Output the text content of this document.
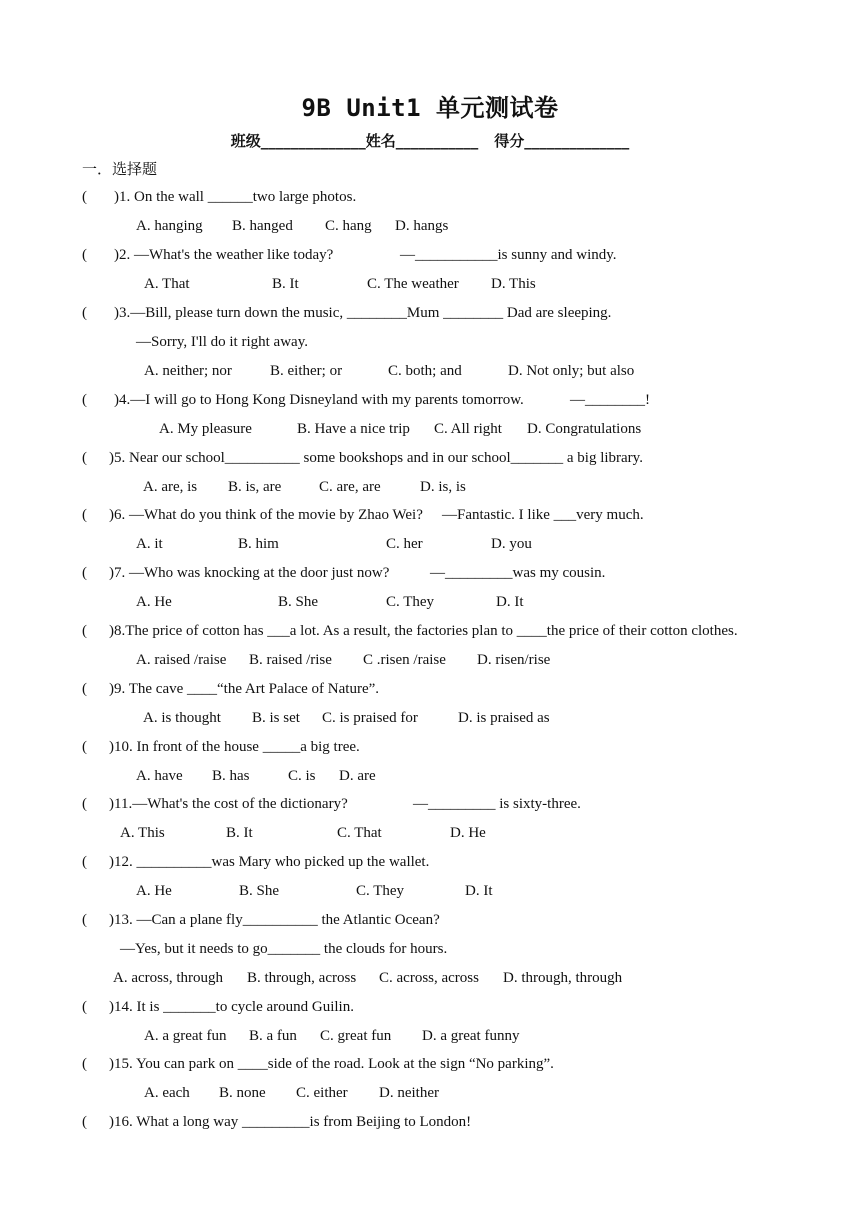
9B Unit1 单元测试卷
班级______________姓名___________ 得分______________
一．选择题
( )1. On the wall ______two large photos.
A. hanging B. hanged C. hang D. hangs
( )2. —What's the weather like today?	—___________is sunny and windy.
A. That	B. It	C. The weather D. This
( )3.—Bill, please turn down the music, ________Mum ________ Dad are sleeping.
—Sorry, I'll do it right away.
A. neither; nor	B. either; or	C. both; and	D. Not only; but also
( )4.—I will go to Hong Kong Disneyland with my parents tomorrow.	—________!
A. My pleasure	B. Have a nice trip C. All right D. Congratulations
( )5. Near our school__________ some bookshops and in our school_______ a big library.
A. are, is B. is, are	C. are, are	D. is, is
( )6. —What do you think of the movie by Zhao Wei? —Fantastic. I like ___very much.
A. it	B. him	C. her	D. you
( )7. —Who was knocking at the door just now?	—_________was my cousin.
A. He	B. She	C. They	D. It
( )8.The price of cotton has ___a lot. As a result, the factories plan to ____the price of their cotton clothes.
A. raised /raise B. raised /rise C .risen /raise D. risen/rise
( )9. The cave ____“the Art Palace of Nature”.
A. is thought B. is set C. is praised for	D. is praised as
( )10. In front of the house _____a big tree.
A. have B. has	C. is D. are
( )11.—What's the cost of the dictionary?	—_________ is sixty-three.
A. This	B. It	C. That	D. He
( )12. __________was Mary who picked up the wallet.
A. He	B. She	C. They	D. It
( )13. —Can a plane fly__________ the Atlantic Ocean?
—Yes, but it needs to go_______ the clouds for hours.
A. across, through B. through, across C. across, across D. through, through
( )14. It is _______to cycle around Guilin.
A. a great fun B. a fun C. great fun D. a great funny
( )15. You can park on ____side of the road. Look at the sign “No parking”.
A. each B. none C. either D. neither
( )16. What a long way _________is from Beijing to London!
